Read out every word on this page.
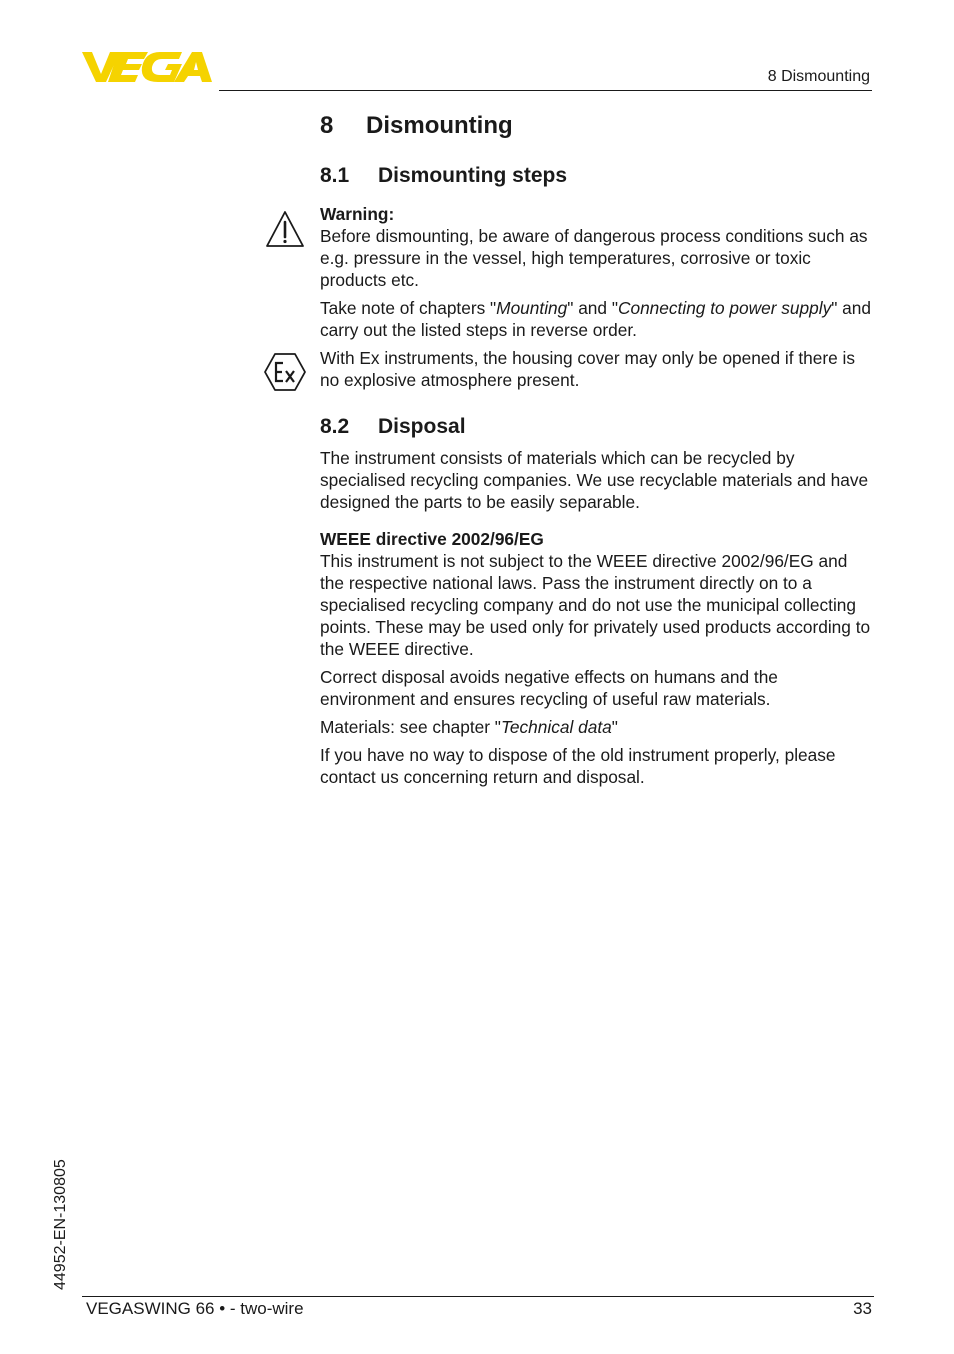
8 Dismounting
8 Dismounting
8.1 Dismounting steps
Warning:
Before dismounting, be aware of dangerous process conditions such as e.g. pressure in the vessel, high temperatures, corrosive or toxic products etc.
Take note of chapters "Mounting" and "Connecting to power supply" and carry out the listed steps in reverse order.
With Ex instruments, the housing cover may only be opened if there is no explosive atmosphere present.
8.2 Disposal
The instrument consists of materials which can be recycled by specialised recycling companies. We use recyclable materials and have designed the parts to be easily separable.
WEEE directive 2002/96/EG
This instrument is not subject to the WEEE directive 2002/96/EG and the respective national laws. Pass the instrument directly on to a specialised recycling company and do not use the municipal collecting points. These may be used only for privately used products according to the WEEE directive.
Correct disposal avoids negative effects on humans and the environment and ensures recycling of useful raw materials.
Materials: see chapter "Technical data"
If you have no way to dispose of the old instrument properly, please contact us concerning return and disposal.
44952-EN-130805
VEGASWING 66 • - two-wire	33
